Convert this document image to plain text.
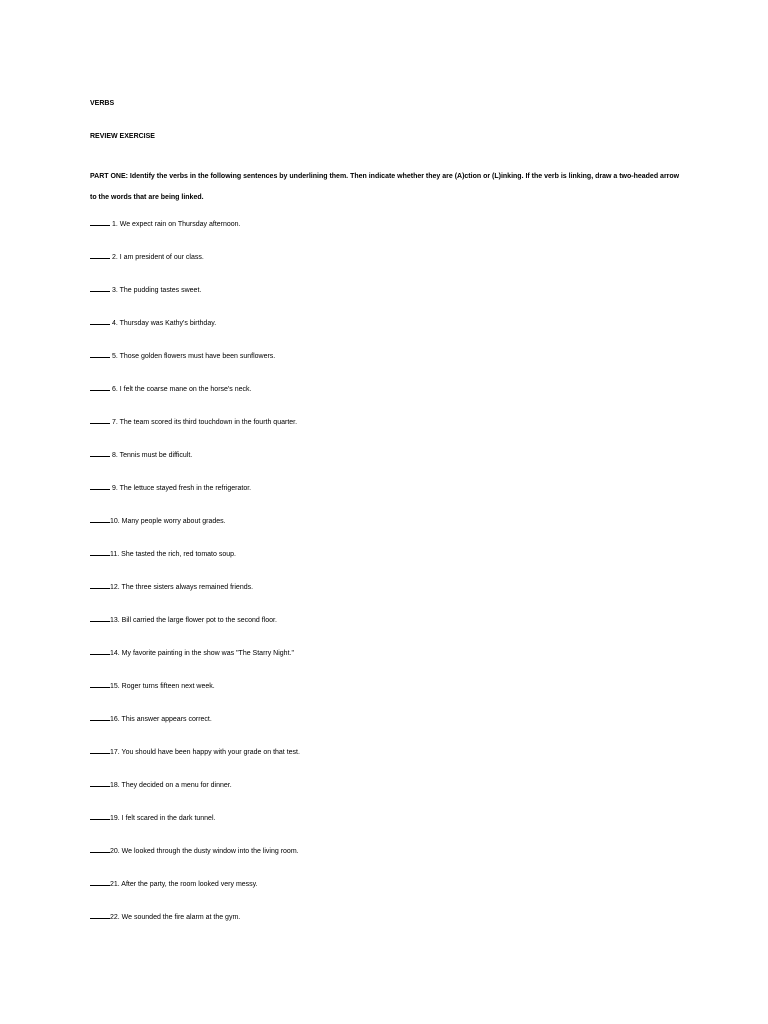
VERBS
REVIEW EXERCISE
PART ONE: Identify the verbs in the following sentences by underlining them. Then indicate whether they are (A)ction or (L)inking. If the verb is linking, draw a two-headed arrow to the words that are being linked.
1. We expect rain on Thursday afternoon.
2. I am president of our class.
3. The pudding tastes sweet.
4. Thursday was Kathy's birthday.
5. Those golden flowers must have been sunflowers.
6. I felt the coarse mane on the horse's neck.
7. The team scored its third touchdown in the fourth quarter.
8. Tennis must be difficult.
9. The lettuce stayed fresh in the refrigerator.
10. Many people worry about grades.
11. She tasted the rich, red tomato soup.
12. The three sisters always remained friends.
13. Bill carried the large flower pot to the second floor.
14. My favorite painting in the show was "The Starry Night."
15. Roger turns fifteen next week.
16. This answer appears correct.
17. You should have been happy with your grade on that test.
18. They decided on a menu for dinner.
19. I felt scared in the dark tunnel.
20. We looked through the dusty window into the living room.
21. After the party, the room looked very messy.
22. We sounded the fire alarm at the gym.
